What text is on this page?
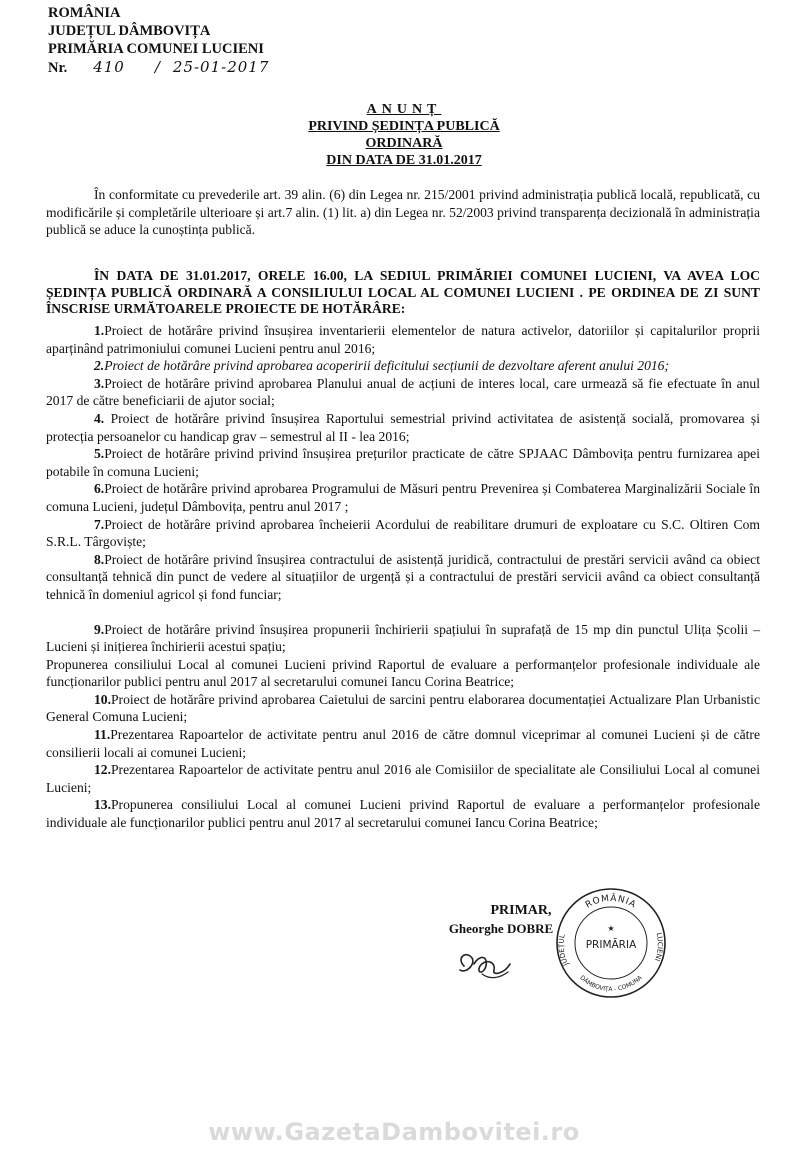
ROMÂNIA
JUDEȚUL DÂMBOVIȚA
PRIMĂRIA COMUNEI LUCIENI
Nr. 410 / 25-01-2017
ANUNȚ
PRIVIND ȘEDINȚA PUBLICĂ
ORDINARĂ
DIN DATA DE 31.01.2017

În conformitate cu prevederile art. 39 alin. (6) din Legea nr. 215/2001 privind administrația publică locală, republicată, cu modificările și completările ulterioare și art.7 alin. (1) lit. a) din Legea nr. 52/2003 privind transparența decizională în administrația publică se aduce la cunoștința publică.

ÎN DATA DE 31.01.2017, ORELE 16.00, LA SEDIUL PRIMĂRIEI COMUNEI LUCIENI, VA AVEA LOC ȘEDINȚA PUBLICĂ ORDINARĂ A CONSILIULUI LOCAL AL COMUNEI LUCIENI . PE ORDINEA DE ZI SUNT ÎNSCRISE URMĂTOARELE PROIECTE DE HOTĂRÂRE:

1.Proiect de hotărâre privind însușirea inventarierii elementelor de natura activelor, datoriilor și capitalurilor proprii aparținând patrimoniului comunei Lucieni pentru anul 2016;

2.Proiect de hotărâre privind aprobarea acoperirii deficitului secțiunii de dezvoltare aferent anului 2016;

3.Proiect de hotărâre privind aprobarea Planului anual de acțiuni de interes local, care urmează să fie efectuate în anul 2017 de către beneficiarii de ajutor social;

4. Proiect de hotărâre privind însușirea Raportului semestrial privind activitatea de asistență socială, promovarea și protecția persoanelor cu handicap grav – semestrul al II - lea 2016;

5.Proiect de hotărâre privind privind însușirea prețurilor practicate de către SPJAAC Dâmbovița pentru furnizarea apei potabile în comuna Lucieni;

6.Proiect de hotărâre privind aprobarea Programului de Măsuri pentru Prevenirea și Combaterea Marginalizării Sociale în comuna Lucieni, județul Dâmbovița, pentru anul 2017 ;

7.Proiect de hotărâre privind aprobarea încheierii Acordului de reabilitare drumuri de exploatare cu S.C. Oltiren Com S.R.L. Târgoviște;

8.Proiect de hotărâre privind însușirea contractului de asistență juridică, contractului de prestări servicii având ca obiect consultanță tehnică din punct de vedere al situațiilor de urgență și a contractului de prestări servicii având ca obiect consultanță tehnică în domeniul agricol și fond funciar;

9.Proiect de hotărâre privind însușirea propunerii închirierii spațiului în suprafață de 15 mp din punctul Ulița Școlii – Lucieni și inițierea închirierii acestui spațiu;

Propunerea consiliului Local al comunei Lucieni privind Raportul de evaluare a performanțelor profesionale individuale ale funcționarilor publici pentru anul 2017 al secretarului comunei Iancu Corina Beatrice;

10.Proiect de hotărâre privind aprobarea Caietului de sarcini pentru elaborarea documentației Actualizare Plan Urbanistic General Comuna Lucieni;

11.Prezentarea Rapoartelor de activitate pentru anul 2016 de către domnul viceprimar al comunei Lucieni și de către consilierii locali ai comunei Lucieni;

12.Prezentarea Rapoartelor de activitate pentru anul 2016 ale Comisiilor de specialitate ale Consiliului Local al comunei Lucieni;

13.Propunerea consiliului Local al comunei Lucieni privind Raportul de evaluare a performanțelor profesionale individuale ale funcționarilor publici pentru anul 2017 al secretarului comunei Iancu Corina Beatrice;

PRIMAR,
Gheorghe DOBRE
ROMÂNIA
JUDEȚUL	LUCIENI
DÂMBOVIȚA - COMUNA
★
PRIMĂRIA
www.GazetaDambovitei.ro
